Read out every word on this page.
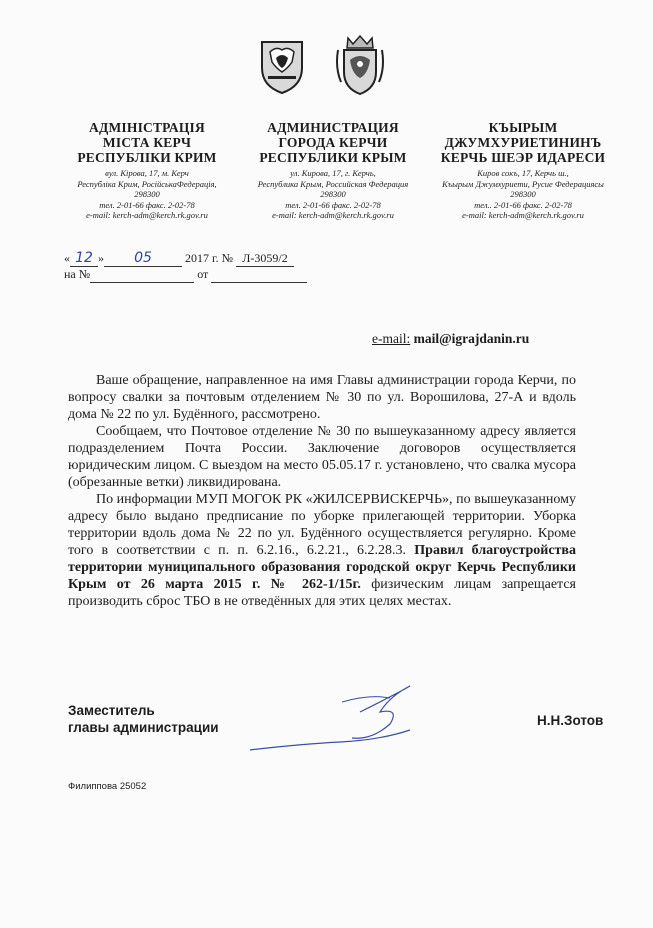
АДМІНІСТРАЦІЯ
МІСТА КЕРЧ
РЕСПУБЛІКИ КРИМ
вул. Кірова, 17, м. Керч
Республіка Крим, РосійськаФедерація,
298300
тел. 2-01-66 факс. 2-02-78
e-mail: kerch-adm@kerch.rk.gov.ru
АДМИНИСТРАЦИЯ
ГОРОДА КЕРЧИ
РЕСПУБЛИКИ КРЫМ
ул. Кирова, 17, г. Керчь,
Республика Крым, Российская Федерация
298300
тел. 2-01-66 факс. 2-02-78
e-mail: kerch-adm@kerch.rk.gov.ru
КЪЫРЫМ
ДЖУМХУРИЕТИНИНЪ
КЕРЧЬ ШЕЭР ИДАРЕСИ
Киров сокъ, 17, Керчь ш.,
Къырым Джумхуриети, Русие Федерациясы
298300
тел.. 2-01-66 факс. 2-02-78
e-mail: kerch-adm@kerch.rk.gov.ru
« 12 » 05	2017 г. № Л-3059/2
на №	от
e-mail: mail@igrajdanin.ru

Ваше обращение, направленное на имя Главы администрации города Керчи, по вопросу свалки за почтовым отделением № 30 по ул. Ворошилова, 27-А и вдоль дома № 22 по ул. Будённого, рассмотрено.

Сообщаем, что Почтовое отделение № 30 по вышеуказанному адресу является подразделением Почта России. Заключение договоров осуществляется юридическим лицом. С выездом на место 05.05.17 г. установлено, что свалка мусора (обрезанные ветки) ликвидирована.

По информации МУП МОГОК РК «ЖИЛСЕРВИСКЕРЧЬ», по вышеуказанному адресу было выдано предписание по уборке прилегающей территории. Уборка территории вдоль дома № 22 по ул. Будённого осуществляется регулярно. Кроме того в соответствии с п. п. 6.2.16., 6.2.21., 6.2.28.3. Правил благоустройства территории муниципального образования городской округ Керчь Республики Крым от 26 марта 2015 г. № 262-1/15г. физическим лицам запрещается производить сброс ТБО в не отведённых для этих целях местах.

Заместитель
главы администрации	Н.Н.Зотов
Филиппова 25052
